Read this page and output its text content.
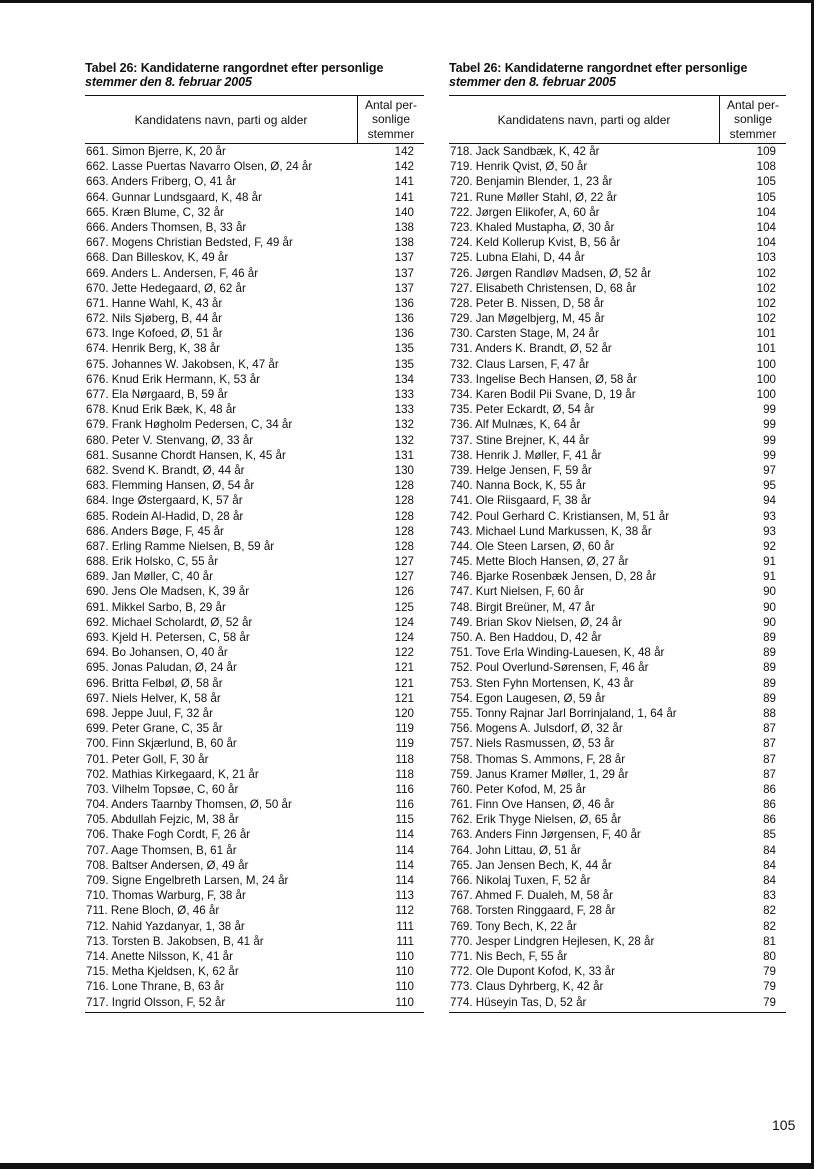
Tabel 26: Kandidaterne rangordnet efter personlige
stemmer den 8. februar 2005
Kandidatens navn, parti og alder
Antal per-
sonlige
stemmer
661. Simon Bjerre, K, 20 år	142
662. Lasse Puertas Navarro Olsen, Ø, 24 år	142
663. Anders Friberg, O, 41 år	141
664. Gunnar Lundsgaard, K, 48 år	141
665. Kræn Blume, C, 32 år	140
666. Anders Thomsen, B, 33 år	138
667. Mogens Christian Bedsted, F, 49 år	138
668. Dan Billeskov, K, 49 år	137
669. Anders L. Andersen, F, 46 år	137
670. Jette Hedegaard, Ø, 62 år	137
671. Hanne Wahl, K, 43 år	136
672. Nils Sjøberg, B, 44 år	136
673. Inge Kofoed, Ø, 51 år	136
674. Henrik Berg, K, 38 år	135
675. Johannes W. Jakobsen, K, 47 år	135
676. Knud Erik Hermann, K, 53 år	134
677. Ela Nørgaard, B, 59 år	133
678. Knud Erik Bæk, K, 48 år	133
679. Frank Høgholm Pedersen, C, 34 år	132
680. Peter V. Stenvang, Ø, 33 år	132
681. Susanne Chordt Hansen, K, 45 år	131
682. Svend K. Brandt, Ø, 44 år	130
683. Flemming Hansen, Ø, 54 år	128
684. Inge Østergaard, K, 57 år	128
685. Rodein Al-Hadid, D, 28 år	128
686. Anders Bøge, F, 45 år	128
687. Erling Ramme Nielsen, B, 59 år	128
688. Erik Holsko, C, 55 år	127
689. Jan Møller, C, 40 år	127
690. Jens Ole Madsen, K, 39 år	126
691. Mikkel Sarbo, B, 29 år	125
692. Michael Scholardt, Ø, 52 år	124
693. Kjeld H. Petersen, C, 58 år	124
694. Bo Johansen, O, 40 år	122
695. Jonas Paludan, Ø, 24 år	121
696. Britta Felbøl, Ø, 58 år	121
697. Niels Helver, K, 58 år	121
698. Jeppe Juul, F, 32 år	120
699. Peter Grane, C, 35 år	119
700. Finn Skjærlund, B, 60 år	119
701. Peter Goll, F, 30 år	118
702. Mathias Kirkegaard, K, 21 år	118
703. Vilhelm Topsøe, C, 60 år	116
704. Anders Taarnby Thomsen, Ø, 50 år	116
705. Abdullah Fejzic, M, 38 år	115
706. Thake Fogh Cordt, F, 26 år	114
707. Aage Thomsen, B, 61 år	114
708. Baltser Andersen, Ø, 49 år	114
709. Signe Engelbreth Larsen, M, 24 år	114
710. Thomas Warburg, F, 38 år	113
711. Rene Bloch, Ø, 46 år	112
712. Nahid Yazdanyar, 1, 38 år	111
713. Torsten B. Jakobsen, B, 41 år	111
714. Anette Nilsson, K, 41 år	110
715. Metha Kjeldsen, K, 62 år	110
716. Lone Thrane, B, 63 år	110
717. Ingrid Olsson, F, 52 år	110
Tabel 26: Kandidaterne rangordnet efter personlige
stemmer den 8. februar 2005
Kandidatens navn, parti og alder
Antal per-
sonlige
stemmer
718. Jack Sandbæk, K, 42 år	109
719. Henrik Qvist, Ø, 50 år	108
720. Benjamin Blender, 1, 23 år	105
721. Rune Møller Stahl, Ø, 22 år	105
722. Jørgen Elikofer, A, 60 år	104
723. Khaled Mustapha, Ø, 30 år	104
724. Keld Kollerup Kvist, B, 56 år	104
725. Lubna Elahi, D, 44 år	103
726. Jørgen Randløv Madsen, Ø, 52 år	102
727. Elisabeth Christensen, D, 68 år	102
728. Peter B. Nissen, D, 58 år	102
729. Jan Møgelbjerg, M, 45 år	102
730. Carsten Stage, M, 24 år	101
731. Anders K. Brandt, Ø, 52 år	101
732. Claus Larsen, F, 47 år	100
733. Ingelise Bech Hansen, Ø, 58 år	100
734. Karen Bodil Pii Svane, D, 19 år	100
735. Peter Eckardt, Ø, 54 år	99
736. Alf Mulnæs, K, 64 år	99
737. Stine Brejner, K, 44 år	99
738. Henrik J. Møller, F, 41 år	99
739. Helge Jensen, F, 59 år	97
740. Nanna Bock, K, 55 år	95
741. Ole Riisgaard, F, 38 år	94
742. Poul Gerhard C. Kristiansen, M, 51 år	93
743. Michael Lund Markussen, K, 38 år	93
744. Ole Steen Larsen, Ø, 60 år	92
745. Mette Bloch Hansen, Ø, 27 år	91
746. Bjarke Rosenbæk Jensen, D, 28 år	91
747. Kurt Nielsen, F, 60 år	90
748. Birgit Breüner, M, 47 år	90
749. Brian Skov Nielsen, Ø, 24 år	90
750. A. Ben Haddou, D, 42 år	89
751. Tove Erla Winding-Lauesen, K, 48 år	89
752. Poul Overlund-Sørensen, F, 46 år	89
753. Sten Fyhn Mortensen, K, 43 år	89
754. Egon Laugesen, Ø, 59 år	89
755. Tonny Rajnar Jarl Borrinjaland, 1, 64 år	88
756. Mogens A. Julsdorf, Ø, 32 år	87
757. Niels Rasmussen, Ø, 53 år	87
758. Thomas S. Ammons, F, 28 år	87
759. Janus Kramer Møller, 1, 29 år	87
760. Peter Kofod, M, 25 år	86
761. Finn Ove Hansen, Ø, 46 år	86
762. Erik Thyge Nielsen, Ø, 65 år	86
763. Anders Finn Jørgensen, F, 40 år	85
764. John Littau, Ø, 51 år	84
765. Jan Jensen Bech, K, 44 år	84
766. Nikolaj Tuxen, F, 52 år	84
767. Ahmed F. Dualeh, M, 58 år	83
768. Torsten Ringgaard, F, 28 år	82
769. Tony Bech, K, 22 år	82
770. Jesper Lindgren Hejlesen, K, 28 år	81
771. Nis Bech, F, 55 år	80
772. Ole Dupont Kofod, K, 33 år	79
773. Claus Dyhrberg, K, 42 år	79
774. Hüseyin Tas, D, 52 år	79
105
